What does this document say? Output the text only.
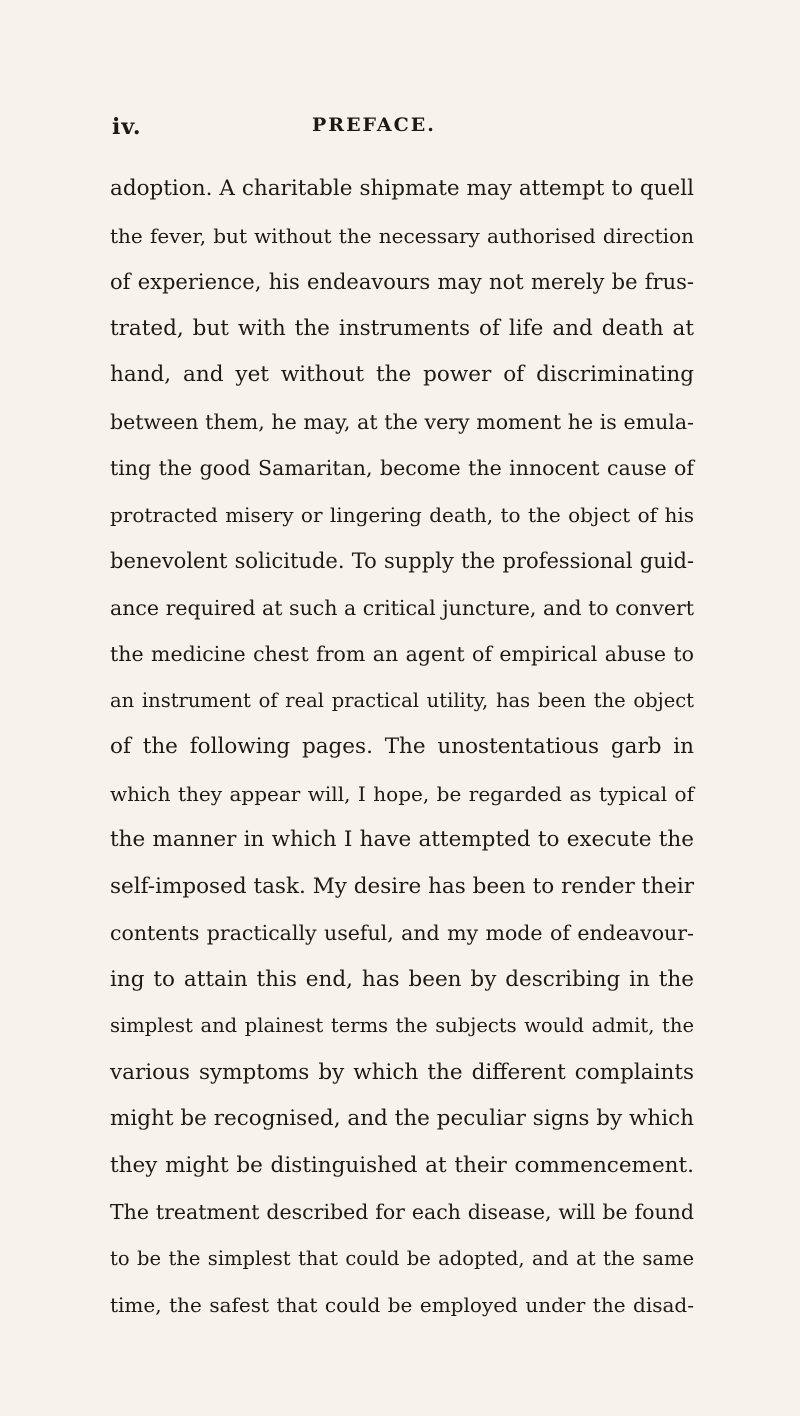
iv.	PREFACE.
adoption. A charitable shipmate may attempt to quell
the fever, but without the necessary authorised direction
of experience, his endeavours may not merely be frus-
trated, but with the instruments of life and death at
hand, and yet without the power of discriminating
between them, he may, at the very moment he is emula-
ting the good Samaritan, become the innocent cause of
protracted misery or lingering death, to the object of his
benevolent solicitude. To supply the professional guid-
ance required at such a critical juncture, and to convert
the medicine chest from an agent of empirical abuse to
an instrument of real practical utility, has been the object
of the following pages. The unostentatious garb in
which they appear will, I hope, be regarded as typical of
the manner in which I have attempted to execute the
self-imposed task. My desire has been to render their
contents practically useful, and my mode of endeavour-
ing to attain this end, has been by describing in the
simplest and plainest terms the subjects would admit, the
various symptoms by which the different complaints
might be recognised, and the peculiar signs by which
they might be distinguished at their commencement.
The treatment described for each disease, will be found
to be the simplest that could be adopted, and at the same
time, the safest that could be employed under the disad-
